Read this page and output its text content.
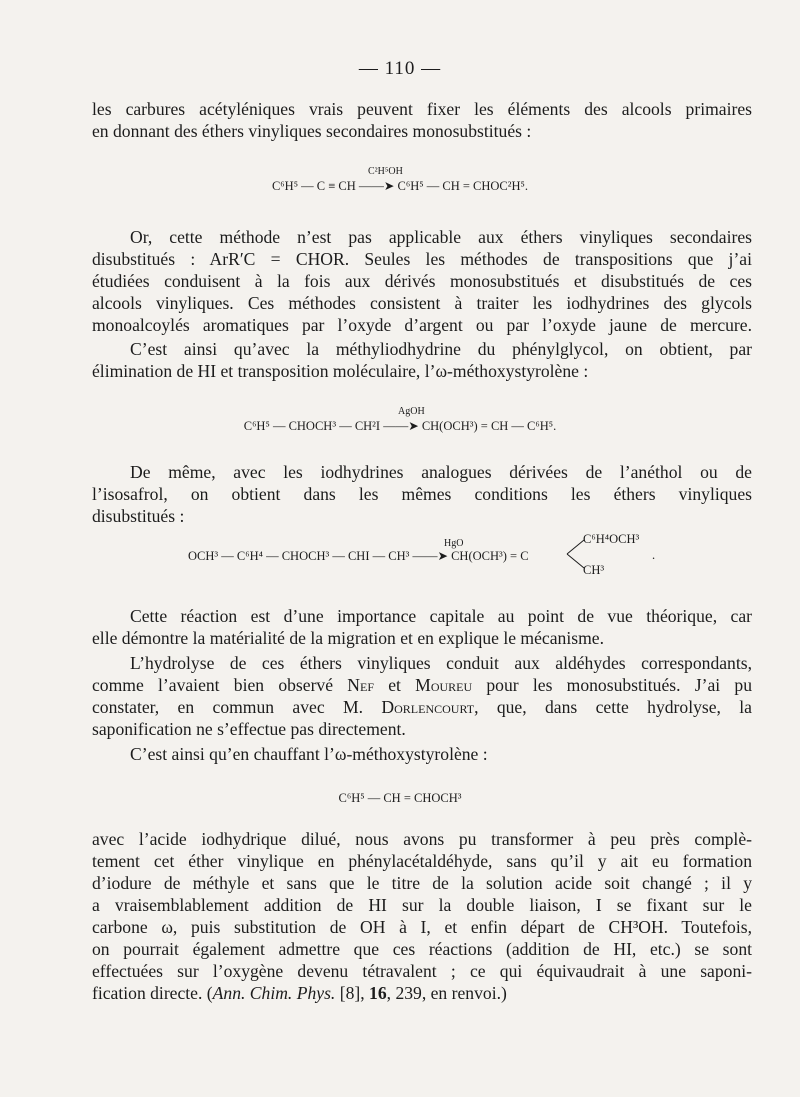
— 110 —
les carbures acétyléniques vrais peuvent fixer les éléments des alcools primaires
en donnant des éthers vinyliques secondaires monosubstitués :
C²H⁵OH
C⁶H⁵ — C ≡ CH ——➤ C⁶H⁵ — CH = CHOC²H⁵.
Or, cette méthode n’est pas applicable aux éthers vinyliques secondaires
disubstitués : ArR′C = CHOR. Seules les méthodes de transpositions que j’ai
étudiées conduisent à la fois aux dérivés monosubstitués et disubstitués de ces
alcools vinyliques. Ces méthodes consistent à traiter les iodhydrines des glycols
monoalcoylés aromatiques par l’oxyde d’argent ou par l’oxyde jaune de mercure.
C’est ainsi qu’avec la méthyliodhydrine du phénylglycol, on obtient, par
élimination de HI et transposition moléculaire, l’ω-méthoxystyrolène :
AgOH
C⁶H⁵ — CHOCH³ — CH²I ——➤ CH(OCH³) = CH — C⁶H⁵.
De même, avec les iodhydrines analogues dérivées de l’anéthol ou de
l’isosafrol, on obtient dans les mêmes conditions les éthers vinyliques
disubstitués :
HgO
OCH³ — C⁶H⁴ — CHOCH³ — CHI — CH³ ——➤ CH(OCH³) = C
C⁶H⁴OCH³
CH³
.
Cette réaction est d’une importance capitale au point de vue théorique, car
elle démontre la matérialité de la migration et en explique le mécanisme.
L’hydrolyse de ces éthers vinyliques conduit aux aldéhydes correspondants,
comme l’avaient bien observé Nef et Moureu pour les monosubstitués. J’ai pu
constater, en commun avec M. Dorlencourt, que, dans cette hydrolyse, la
saponification ne s’effectue pas directement.
C’est ainsi qu’en chauffant l’ω-méthoxystyrolène :
C⁶H⁵ — CH = CHOCH³
avec l’acide iodhydrique dilué, nous avons pu transformer à peu près complè-
tement cet éther vinylique en phénylacétaldéhyde, sans qu’il y ait eu formation
d’iodure de méthyle et sans que le titre de la solution acide soit changé ; il y
a vraisemblablement addition de HI sur la double liaison, I se fixant sur le
carbone ω, puis substitution de OH à I, et enfin départ de CH³OH. Toutefois,
on pourrait également admettre que ces réactions (addition de HI, etc.) se sont
effectuées sur l’oxygène devenu tétravalent ; ce qui équivaudrait à une saponi-
fication directe. (Ann. Chim. Phys. [8], 16, 239, en renvoi.)
